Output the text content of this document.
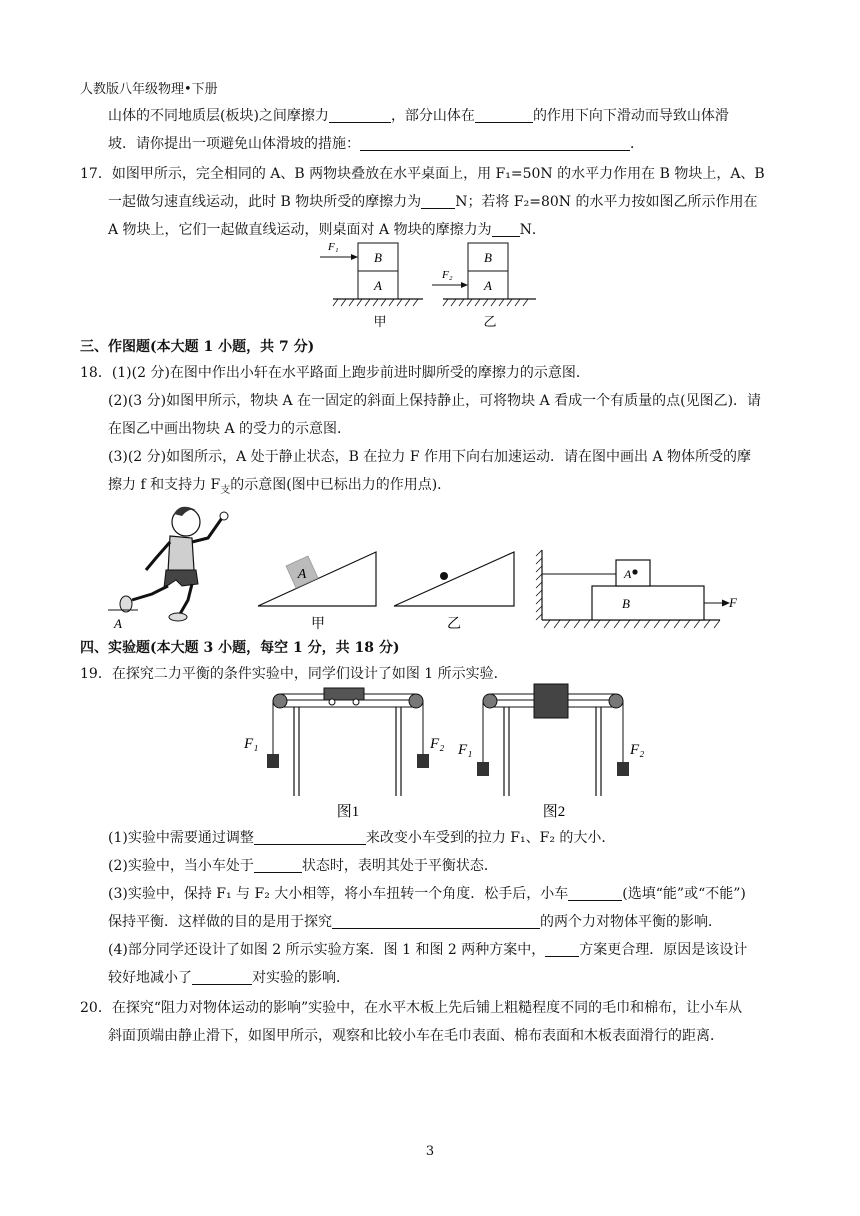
人教版八年级物理•下册
山体的不同地质层(板块)之间摩擦力	，部分山体在	的作用下向下滑动而导致山体滑
坡．请你提出一项避免山体滑坡的措施：	．
17．如图甲所示，完全相同的 A、B 两物块叠放在水平桌面上，用 F₁=50N 的水平力作用在 B 物块上，A、B
一起做匀速直线运动，此时 B 物块所受的摩擦力为 N；若将 F₂=80N 的水平力按如图乙所示作用在
A 物块上，它们一起做直线运动，则桌面对 A 物块的摩擦力为 N．
B
A
F₁
甲
B
A
F₂
乙
三、作图题(本大题 1 小题，共 7 分)
18．(1)(2 分)在图中作出小轩在水平路面上跑步前进时脚所受的摩擦力的示意图．
(2)(3 分)如图甲所示，物块 A 在一固定的斜面上保持静止，可将物块 A 看成一个有质量的点(见图乙)．请
在图乙中画出物块 A 的受力的示意图．
(3)(2 分)如图所示，A 处于静止状态，B 在拉力 F 作用下向右加速运动．请在图中画出 A 物体所受的摩
擦力 f 和支持力 $F_支$的示意图(图中已标出力的作用点)．
A
A
甲	乙
B
A
F
四、实验题(本大题 3 小题，每空 1 分，共 18 分)
19．在探究二力平衡的条件实验中，同学们设计了如图 1 所示实验．
F₁	F₂
图1
F₁	F₂
图2
(1)实验中需要通过调整	来改变小车受到的拉力 F₁、F₂ 的大小．
(2)实验中，当小车处于	状态时，表明其处于平衡状态．
(3)实验中，保持 F₁ 与 F₂ 大小相等，将小车扭转一个角度．松手后，小车	(选填“能”或“不能”)
保持平衡．这样做的目的是用于探究	的两个力对物体平衡的影响．
(4)部分同学还设计了如图 2 所示实验方案．图 1 和图 2 两种方案中， 方案更合理．原因是该设计
较好地减小了	对实验的影响．
20．在探究“阻力对物体运动的影响”实验中，在水平木板上先后铺上粗糙程度不同的毛巾和棉布，让小车从
斜面顶端由静止滑下，如图甲所示，观察和比较小车在毛巾表面、棉布表面和木板表面滑行的距离．
3
